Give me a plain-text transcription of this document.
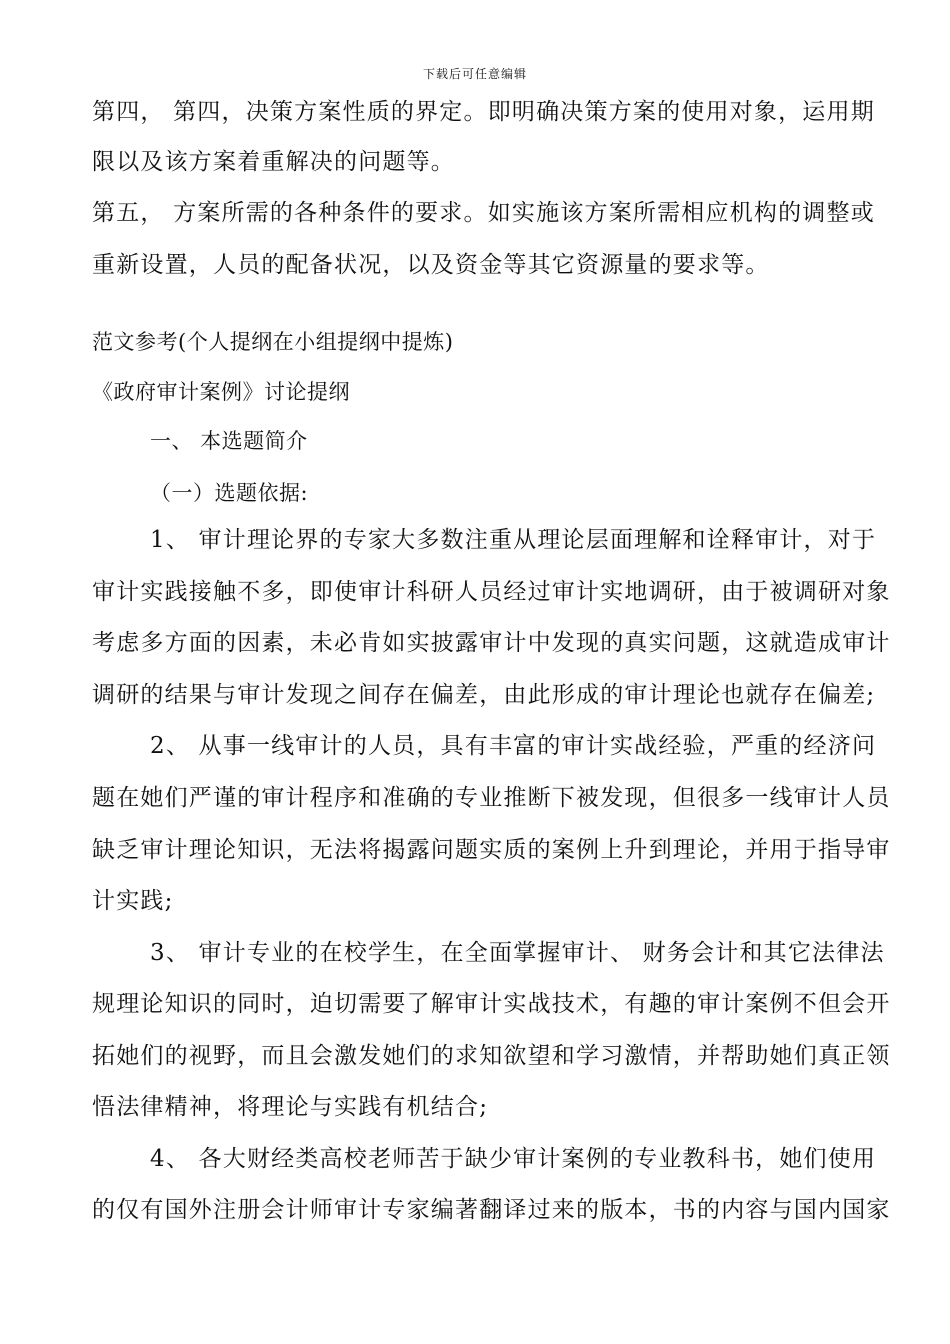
下载后可任意编辑
第四， 第四，决策方案性质的界定。即明确决策方案的使用对象，运用期
限以及该方案着重解决的问题等。
第五， 方案所需的各种条件的要求。如实施该方案所需相应机构的调整或
重新设置，人员的配备状况，以及资金等其它资源量的要求等。
范文参考(个人提纲在小组提纲中提炼)
《政府审计案例》讨论提纲
一、 本选题简介
（一）选题依据:
1、 审计理论界的专家大多数注重从理论层面理解和诠释审计，对于
审计实践接触不多，即使审计科研人员经过审计实地调研，由于被调研对象
考虑多方面的因素，未必肯如实披露审计中发现的真实问题，这就造成审计
调研的结果与审计发现之间存在偏差，由此形成的审计理论也就存在偏差;
2、 从事一线审计的人员，具有丰富的审计实战经验，严重的经济问
题在她们严谨的审计程序和准确的专业推断下被发现，但很多一线审计人员
缺乏审计理论知识，无法将揭露问题实质的案例上升到理论，并用于指导审
计实践;
3、 审计专业的在校学生，在全面掌握审计、 财务会计和其它法律法
规理论知识的同时，迫切需要了解审计实战技术，有趣的审计案例不但会开
拓她们的视野，而且会激发她们的求知欲望和学习激情，并帮助她们真正领
悟法律精神，将理论与实践有机结合;
4、 各大财经类高校老师苦于缺少审计案例的专业教科书，她们使用
的仅有国外注册会计师审计专家编著翻译过来的版本，书的内容与国内国家
